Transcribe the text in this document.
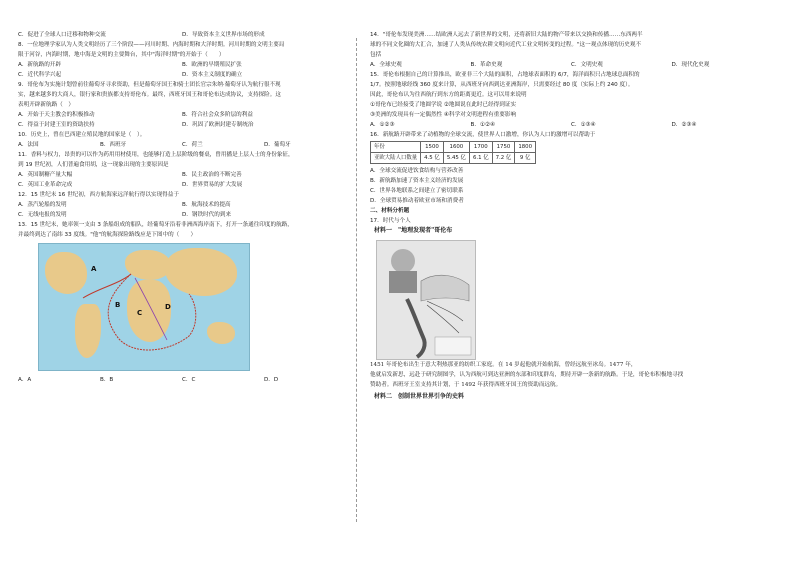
C．促进了全球人口迁移和物种交流	D．导致资本主义世界市场的形成
8．一位地理学家认为人类文明经历了三个阶段——河川时期、内海时期和大洋时期。河川时期的文明主要局
限于河谷，内海时期，地中海是文明的主要舞台，其中"海洋时期"的开始于（　　）
A．新航路的开辟	B．欧洲的早期殖民扩张
C．近代科学兴起	D．资本主义制度的确立
9．哥伦布为实施计划曾前往葡萄牙寻求资助，但是葡萄牙国王和骑士团长官宗朱纳·葡萄牙认为航行很不现
实，越来越多的大商人，银行家和贵族都支持哥伦布。最终，西班牙国王和哥伦布达成协议，支持探险。这
表明开辟新航路（　）
A．开始于天主教会的积极推动	B．符合社会众多阶层的利益
C．得益于封建王室的资助扶持	D．巩固了欧洲封建专制统治
10．历史上，曾在巴西建立殖民地的国家是（　）。
A．法国	B．西班牙	C．荷兰	D．葡萄牙
11．香料与权力，昂贵的可以作为药用用材使用，也能够打造上层阶级的餐桌，曾用播是上层人士的身份象征，
到 19 世纪初，人们普遍食用胡，这一现象出现的主要原因是
A．英国制糖产量大幅	B．民主政治的不断完善
C．英国工业革命完成	D．世界贸易的扩大发展
12．15 世纪末 16 世纪初，西方航海家远洋航行得以实现得益于
A．蒸汽轮船的发明	B．航海技术的提高
C．无线电报的发明	D．钢铁时代的到来
13．15 世纪末，她率领一支由 3 条船组成的船队，经葡萄牙沿着非洲西海岸南下，打开一条通往印度的航路，
并最终到达了南纬 33 度线。"他"的航海探险路线应是下图中的（　　）
A
B
C
D
A．A	B．B	C．C	D．D
14．"哥伦布发现美洲……结欧洲人远去了新世界的文明，还将新旧大陆的物产带来以交换和传播……东西两半
球的不同文化圈的大汇合，加速了人类从传统农耕文明向近代工业文明转变的过程。"这一观点体现的历史观不
包括
A．全球史观	B．革命史观	C．文明史观	D．现代化史观
15．哥伦布根据自己的计算推出，欧亚非三个大陆的面积，占地球表面积的 6/7，海洋面积只占地球总面积的
1/7。按照地球经线 360 度来计算，从西班牙向西到达亚洲海岸，只需要经过 80 度（实际上约 240 度）。
因此，哥伦布认为往西航行到东方的距离更近。这可以用来说明
①哥伦布已经接受了地圆学说 ②地圆说在此时已经得到证实
③美洲的发现具有一定偶然性 ④科学对文明进程有重要影响
A．①②③	B．①②④	C．①③④	D．②③④
16．新航路开辟带来了动植物的全球交流，使世界人口激增，你认为人口的激增可以帮助于
年份	1500	1600	1700	1750	1800
亚欧大陆人口数量	4.5 亿	5.45 亿	6.1 亿	7.2 亿	9 亿
A．全球交流促进饮食结构与营养改善
B．新航路加速了资本主义经济的发展
C．世界各地联系之间建立了密切联系
D．全球贸易推动着欧亚市场和消费者
二、材料分析题
17．时代与个人
材料一　"地理发现者"哥伦布
1451 年哥伦布出生于意大利热那亚的纺织工家庭。在 14 岁起他就开始航海，曾经远航至冰岛。1477 年，
他就启发新思，远赴于研究制图学，认为西航可到达亚洲的东部和印度群岛，期待开辟一条新的航路。于是，哥伦布积极地寻找
赞助者。西班牙王室支持其计划，于 1492 年获得西班牙国王的资助而远航。
材料二　创制世界世界引争的史料
